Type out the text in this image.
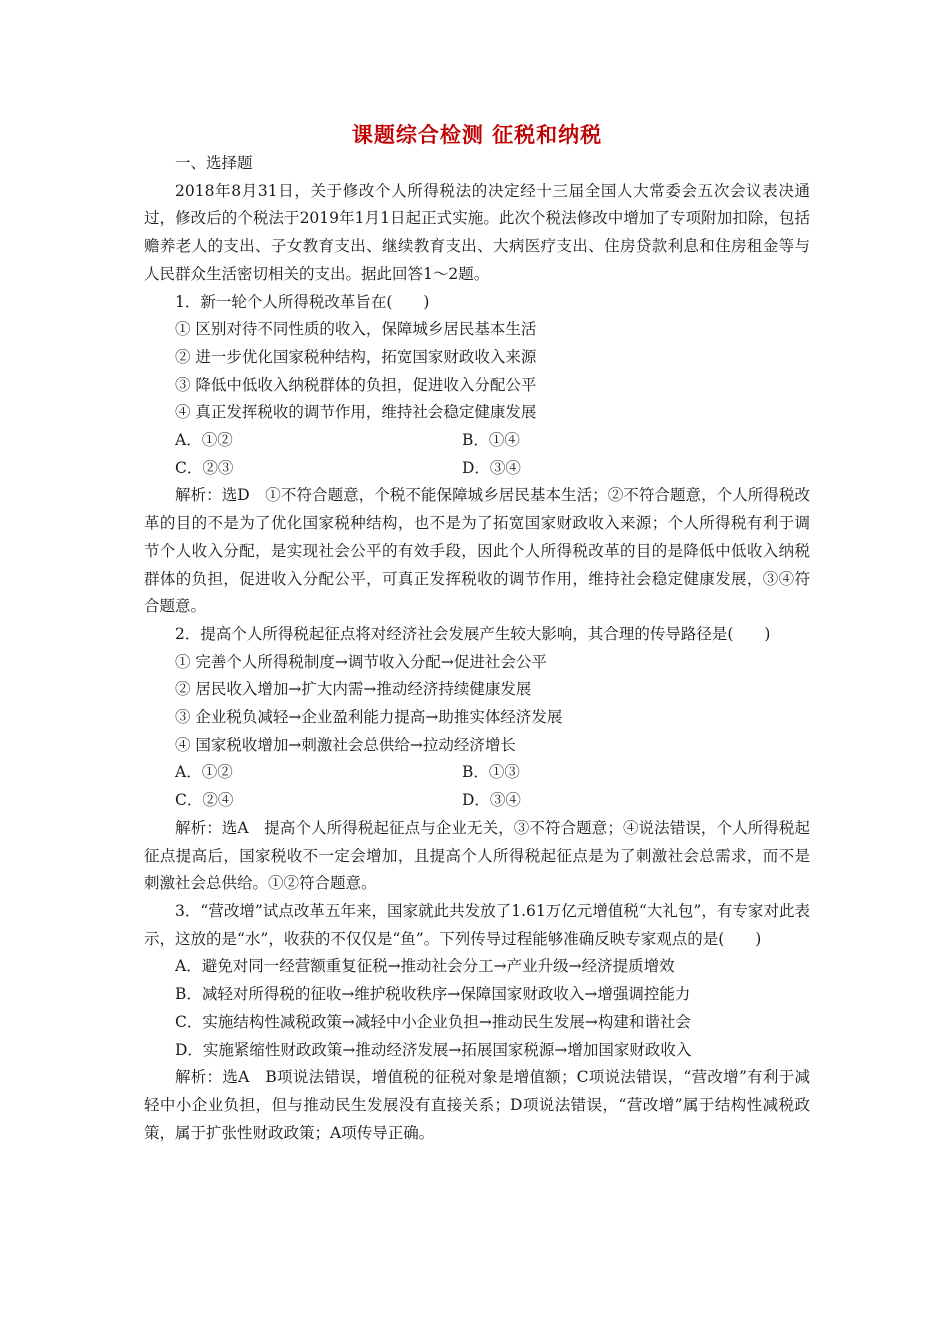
课题综合检测 征税和纳税
一、选择题
2018年8月31日，关于修改个人所得税法的决定经十三届全国人大常委会五次会议表决通过，修改后的个税法于2019年1月1日起正式实施。此次个税法修改中增加了专项附加扣除，包括赡养老人的支出、子女教育支出、继续教育支出、大病医疗支出、住房贷款利息和住房租金等与人民群众生活密切相关的支出。据此回答1～2题。
1．新一轮个人所得税改革旨在(　　)
① 区别对待不同性质的收入，保障城乡居民基本生活
② 进一步优化国家税种结构，拓宽国家财政收入来源
③ 降低中低收入纳税群体的负担，促进收入分配公平
④ 真正发挥税收的调节作用，维持社会稳定健康发展
A．①②	B．①④
C．②③	D．③④
解析：选D　①不符合题意，个税不能保障城乡居民基本生活；②不符合题意，个人所得税改革的目的不是为了优化国家税种结构，也不是为了拓宽国家财政收入来源；个人所得税有利于调节个人收入分配，是实现社会公平的有效手段，因此个人所得税改革的目的是降低中低收入纳税群体的负担，促进收入分配公平，可真正发挥税收的调节作用，维持社会稳定健康发展，③④符合题意。
2．提高个人所得税起征点将对经济社会发展产生较大影响，其合理的传导路径是(　　)
① 完善个人所得税制度→调节收入分配→促进社会公平
② 居民收入增加→扩大内需→推动经济持续健康发展
③ 企业税负减轻→企业盈利能力提高→助推实体经济发展
④ 国家税收增加→刺激社会总供给→拉动经济增长
A．①②	B．①③
C．②④	D．③④
解析：选A　提高个人所得税起征点与企业无关，③不符合题意；④说法错误，个人所得税起征点提高后，国家税收不一定会增加，且提高个人所得税起征点是为了刺激社会总需求，而不是刺激社会总供给。①②符合题意。
3．“营改增”试点改革五年来，国家就此共发放了1.61万亿元增值税“大礼包”，有专家对此表示，这放的是“水”，收获的不仅仅是“鱼”。下列传导过程能够准确反映专家观点的是(　　)
A．避免对同一经营额重复征税→推动社会分工→产业升级→经济提质增效
B．减轻对所得税的征收→维护税收秩序→保障国家财政收入→增强调控能力
C．实施结构性减税政策→减轻中小企业负担→推动民生发展→构建和谐社会
D．实施紧缩性财政政策→推动经济发展→拓展国家税源→增加国家财政收入
解析：选A　B项说法错误，增值税的征税对象是增值额；C项说法错误，“营改增”有利于减轻中小企业负担，但与推动民生发展没有直接关系；D项说法错误，“营改增”属于结构性减税政策，属于扩张性财政政策；A项传导正确。
